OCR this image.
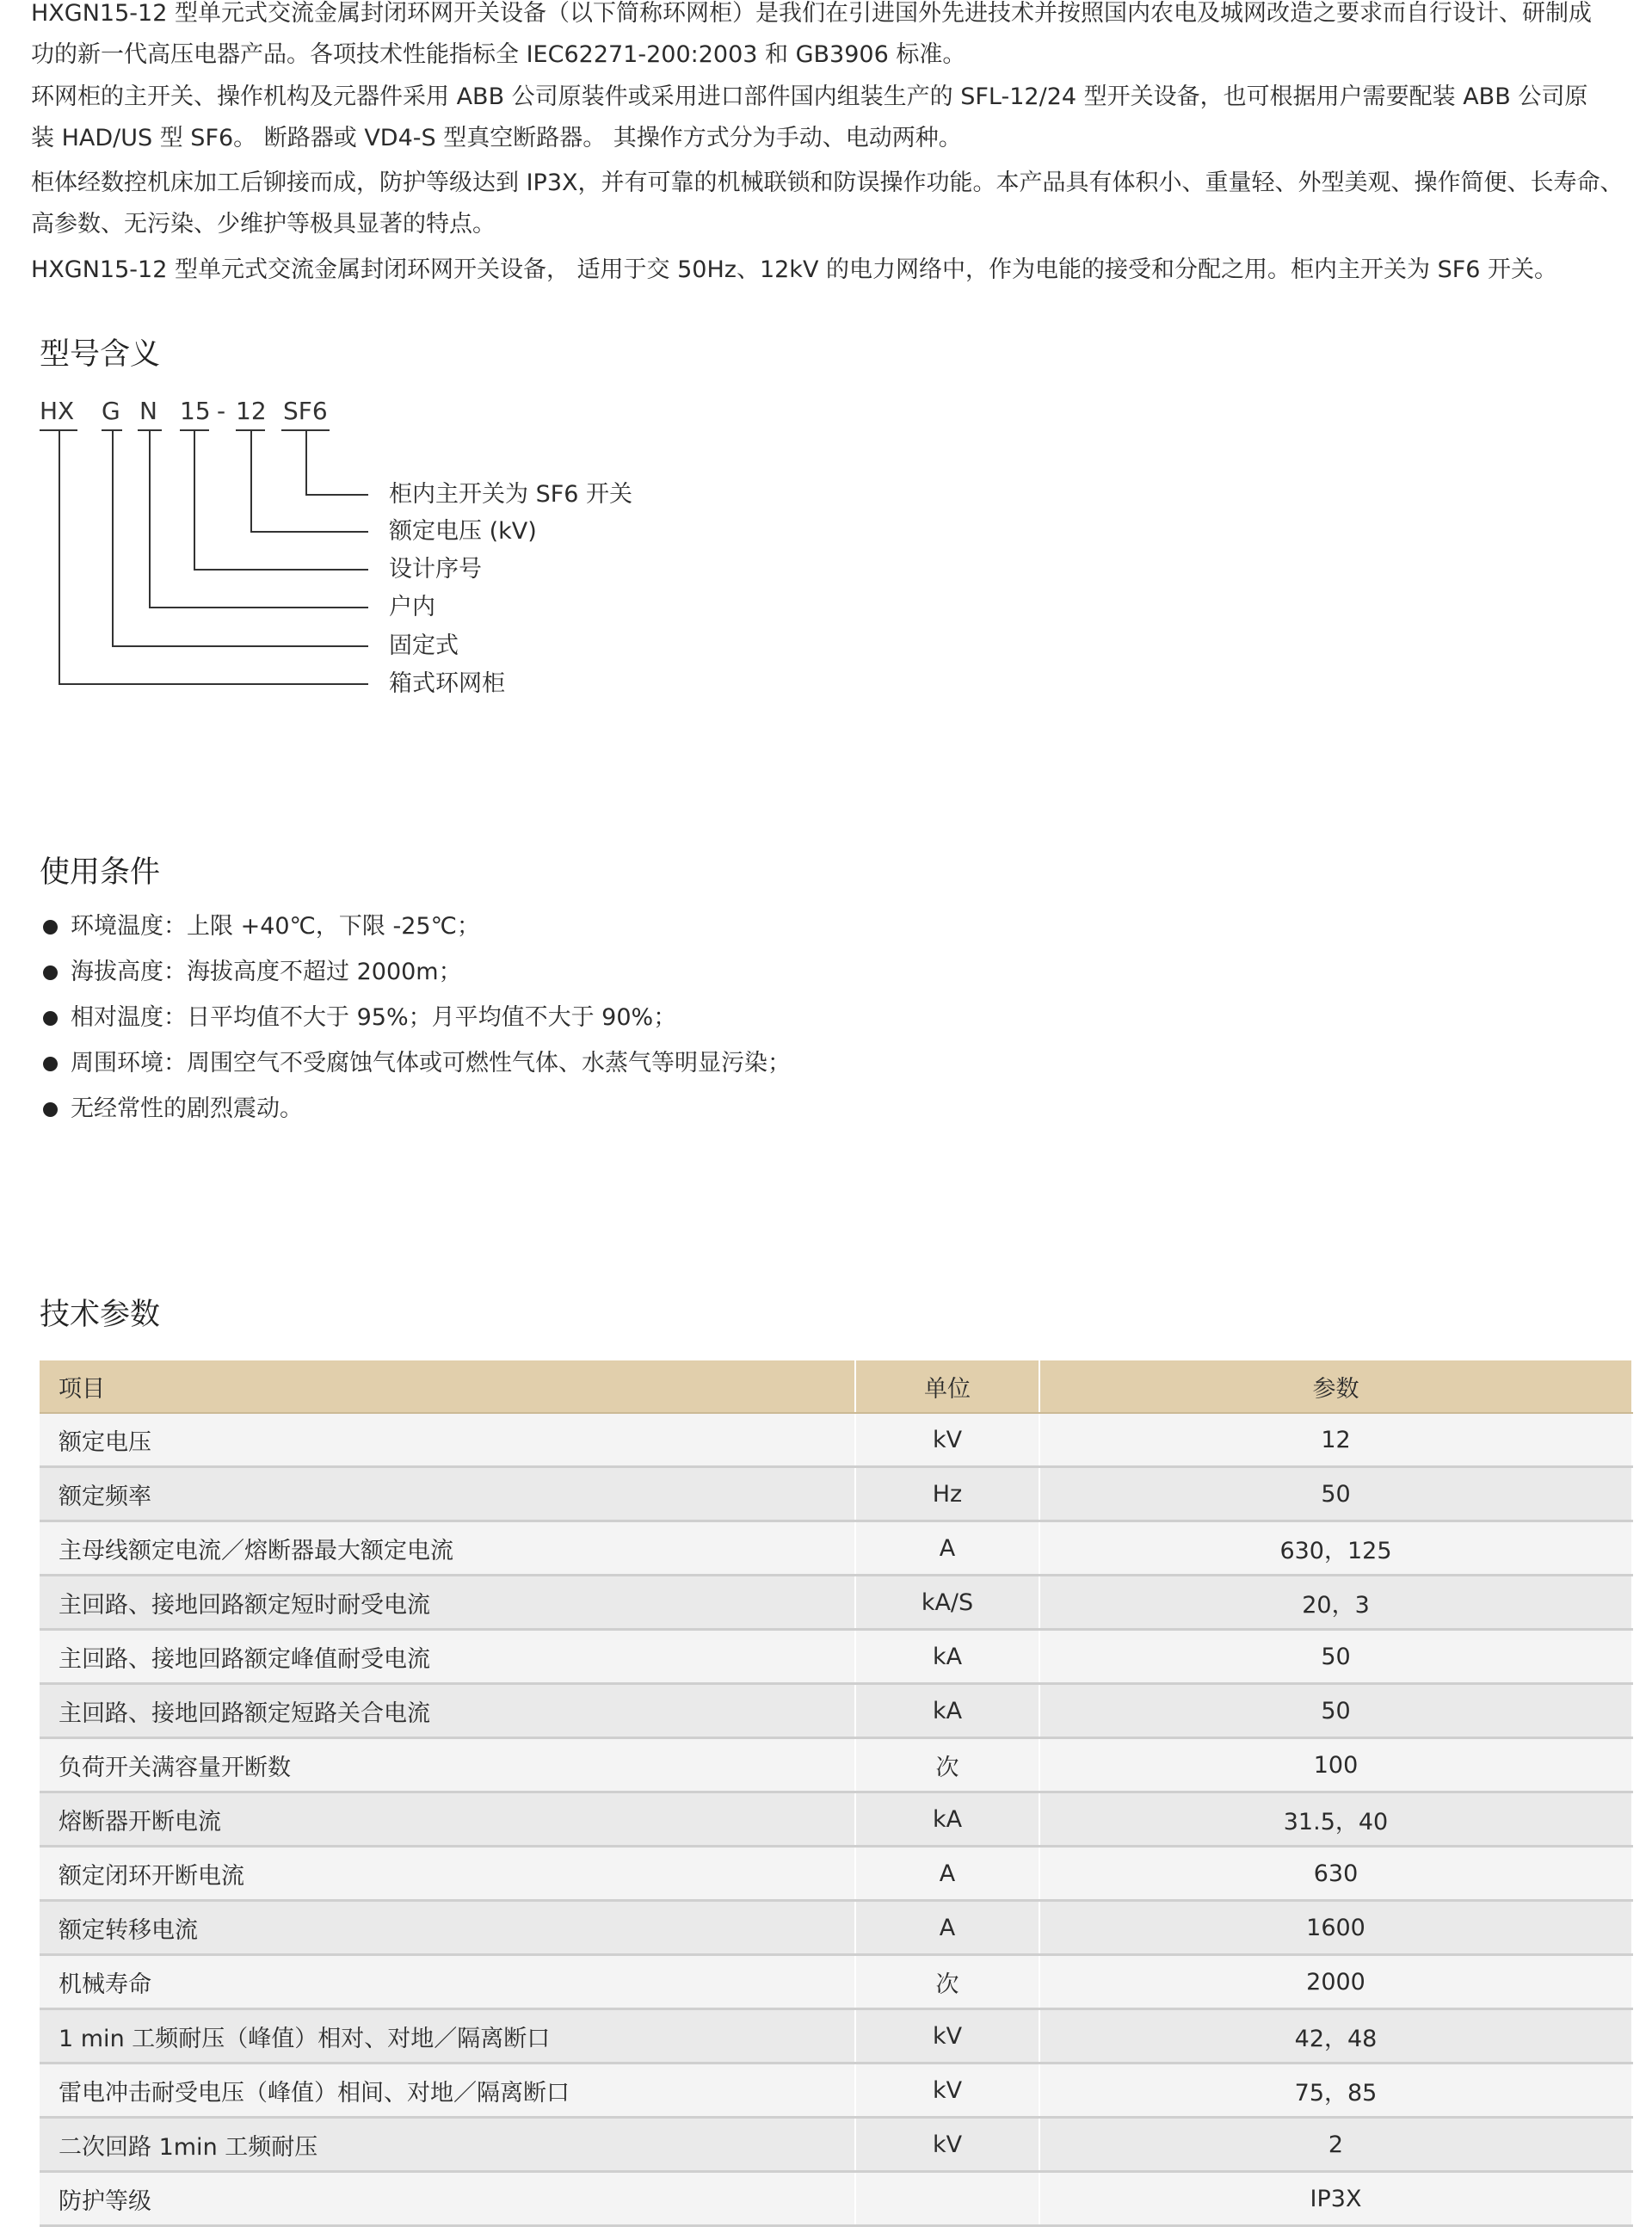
HXGN15-12 型单元式交流金属封闭环网开关设备（以下简称环网柜）是我们在引进国外先进技术并按照国内农电及城网改造之要求而自行设计、研制成
功的新一代高压电器产品。各项技术性能指标全 IEC62271-200:2003 和 GB3906 标准。

环网柜的主开关、操作机构及元器件采用 ABB 公司原装件或采用进口部件国内组装生产的 SFL-12/24 型开关设备，也可根据用户需要配装 ABB 公司原
装 HAD/US 型 SF6。 断路器或 VD4-S 型真空断路器。 其操作方式分为手动、电动两种。

柜体经数控机床加工后铆接而成，防护等级达到 IP3X，并有可靠的机械联锁和防误操作功能。本产品具有体积小、重量轻、外型美观、操作简便、长寿命、
高参数、无污染、少维护等极具显著的特点。

HXGN15-12 型单元式交流金属封闭环网开关设备， 适用于交 50Hz、12kV 的电力网络中，作为电能的接受和分配之用。柜内主开关为 SF6 开关。

型号含义
HX G N 15 - 12 SF6
柜内主开关为 SF6 开关
额定电压 (kV)
设计序号
户内
固定式
箱式环网柜
使用条件
环境温度：上限 +40℃，下限 -25℃；
海拔高度：海拔高度不超过 2000m；
相对温度：日平均值不大于 95%；月平均值不大于 90%；
周围环境：周围空气不受腐蚀气体或可燃性气体、水蒸气等明显污染；
无经常性的剧烈震动。
技术参数
项目	单位	参数
额定电压	kV	12
额定频率	Hz	50
主母线额定电流／熔断器最大额定电流	A	630，125
主回路、接地回路额定短时耐受电流	kA/S	20，3
主回路、接地回路额定峰值耐受电流	kA	50
主回路、接地回路额定短路关合电流	kA	50
负荷开关满容量开断数	次	100
熔断器开断电流	kA	31.5，40
额定闭环开断电流	A	630
额定转移电流	A	1600
机械寿命	次	2000
1 min 工频耐压（峰值）相对、对地／隔离断口	kV	42，48
雷电冲击耐受电压（峰值）相间、对地／隔离断口	kV	75，85
二次回路 1min 工频耐压	kV	2
防护等级		IP3X
